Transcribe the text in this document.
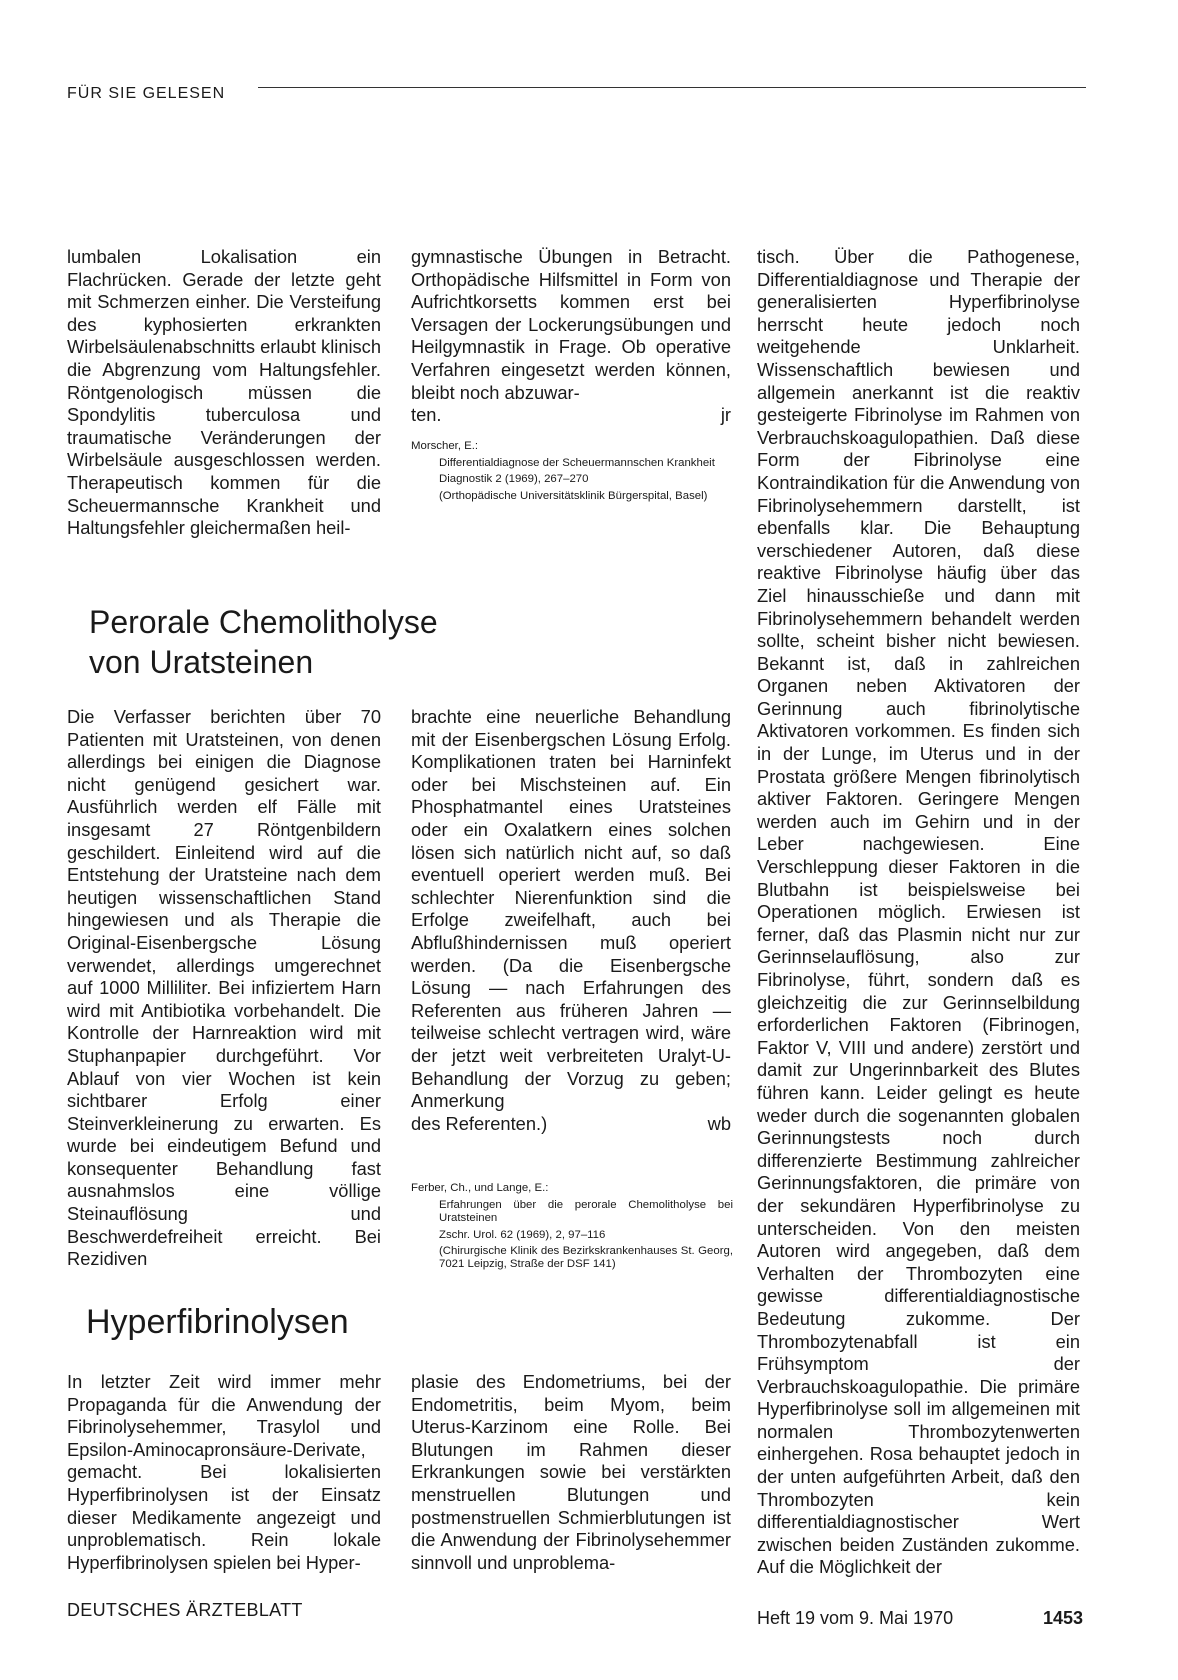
FÜR SIE GELESEN

lumbalen Lokalisation ein Flachrücken. Gerade der letzte geht mit Schmerzen einher. Die Versteifung des kyphosierten erkrankten Wirbelsäulenabschnitts erlaubt klinisch die Abgrenzung vom Haltungsfehler. Röntgenologisch müssen die Spondylitis tuberculosa und traumatische Veränderungen der Wirbelsäule ausgeschlossen werden. Therapeutisch kommen für die Scheuermannsche Krankheit und Haltungsfehler gleichermaßen heil-

gymnastische Übungen in Betracht. Orthopädische Hilfsmittel in Form von Aufrichtkorsetts kommen erst bei Versagen der Lockerungsübungen und Heilgymnastik in Frage. Ob operative Verfahren eingesetzt werden können, bleibt noch abzuwar-

ten.	jr
Morscher, E.:
Differentialdiagnose der Scheuermannschen Krankheit
Diagnostik 2 (1969), 267–270
(Orthopädische Universitätsklinik Bürgerspital, Basel)
Perorale Chemolitholyse
von Uratsteinen

Die Verfasser berichten über 70 Patienten mit Uratsteinen, von denen allerdings bei einigen die Diagnose nicht genügend gesichert war. Ausführlich werden elf Fälle mit insgesamt 27 Röntgenbildern geschildert. Einleitend wird auf die Entstehung der Uratsteine nach dem heutigen wissenschaftlichen Stand hingewiesen und als Therapie die Original-Eisenbergsche Lösung verwendet, allerdings umgerechnet auf 1000 Milliliter. Bei infiziertem Harn wird mit Antibiotika vorbehandelt. Die Kontrolle der Harnreaktion wird mit Stuphanpapier durchgeführt. Vor Ablauf von vier Wochen ist kein sichtbarer Erfolg einer Steinverkleinerung zu erwarten. Es wurde bei eindeutigem Befund und konsequenter Behandlung fast ausnahmslos eine völlige Steinauflösung und Beschwerdefreiheit erreicht. Bei Rezidiven

brachte eine neuerliche Behandlung mit der Eisenbergschen Lösung Erfolg. Komplikationen traten bei Harninfekt oder bei Mischsteinen auf. Ein Phosphatmantel eines Uratsteines oder ein Oxalatkern eines solchen lösen sich natürlich nicht auf, so daß eventuell operiert werden muß. Bei schlechter Nierenfunktion sind die Erfolge zweifelhaft, auch bei Abflußhindernissen muß operiert werden. (Da die Eisenbergsche Lösung — nach Erfahrungen des Referenten aus früheren Jahren — teilweise schlecht vertragen wird, wäre der jetzt weit verbreiteten Uralyt-U-Behandlung der Vorzug zu geben; Anmerkung

des Referenten.)	wb
Ferber, Ch., und Lange, E.:
Erfahrungen über die perorale Chemolitholyse bei Uratsteinen
Zschr. Urol. 62 (1969), 2, 97–116
(Chirurgische Klinik des Bezirkskrankenhauses St. Georg, 7021 Leipzig, Straße der DSF 141)
Hyperfibrinolysen

In letzter Zeit wird immer mehr Propaganda für die Anwendung der Fibrinolysehemmer, Trasylol und Epsilon-Aminocapronsäure-Derivate, gemacht. Bei lokalisierten Hyperfibrinolysen ist der Einsatz dieser Medikamente angezeigt und unproblematisch. Rein lokale Hyperfibrinolysen spielen bei Hyper-

plasie des Endometriums, bei der Endometritis, beim Myom, beim Uterus-Karzinom eine Rolle. Bei Blutungen im Rahmen dieser Erkrankungen sowie bei verstärkten menstruellen Blutungen und postmenstruellen Schmierblutungen ist die Anwendung der Fibrinolysehemmer sinnvoll und unproblema-

tisch. Über die Pathogenese, Differentialdiagnose und Therapie der generalisierten Hyperfibrinolyse herrscht heute jedoch noch weitgehende Unklarheit. Wissenschaftlich bewiesen und allgemein anerkannt ist die reaktiv gesteigerte Fibrinolyse im Rahmen von Verbrauchskoagulopathien. Daß diese Form der Fibrinolyse eine Kontraindikation für die Anwendung von Fibrinolysehemmern darstellt, ist ebenfalls klar. Die Behauptung verschiedener Autoren, daß diese reaktive Fibrinolyse häufig über das Ziel hinausschieße und dann mit Fibrinolysehemmern behandelt werden sollte, scheint bisher nicht bewiesen. Bekannt ist, daß in zahlreichen Organen neben Aktivatoren der Gerinnung auch fibrinolytische Aktivatoren vorkommen. Es finden sich in der Lunge, im Uterus und in der Prostata größere Mengen fibrinolytisch aktiver Faktoren. Geringere Mengen werden auch im Gehirn und in der Leber nachgewiesen. Eine Verschleppung dieser Faktoren in die Blutbahn ist beispielsweise bei Operationen möglich. Erwiesen ist ferner, daß das Plasmin nicht nur zur Gerinnselauflösung, also zur Fibrinolyse, führt, sondern daß es gleichzeitig die zur Gerinnselbildung erforderlichen Faktoren (Fibrinogen, Faktor V, VIII und andere) zerstört und damit zur Ungerinnbarkeit des Blutes führen kann. Leider gelingt es heute weder durch die sogenannten globalen Gerinnungstests noch durch differenzierte Bestimmung zahlreicher Gerinnungsfaktoren, die primäre von der sekundären Hyperfibrinolyse zu unterscheiden. Von den meisten Autoren wird angegeben, daß dem Verhalten der Thrombozyten eine gewisse differentialdiagnostische Bedeutung zukomme. Der Thrombozytenabfall ist ein Frühsymptom der Verbrauchskoagulopathie. Die primäre Hyperfibrinolyse soll im allgemeinen mit normalen Thrombozytenwerten einhergehen. Rosa behauptet jedoch in der unten aufgeführten Arbeit, daß den Thrombozyten kein differentialdiagnostischer Wert zwischen beiden Zuständen zukomme. Auf die Möglichkeit der

DEUTSCHES ÄRZTEBLATT	Heft 19 vom 9. Mai 1970	1453
